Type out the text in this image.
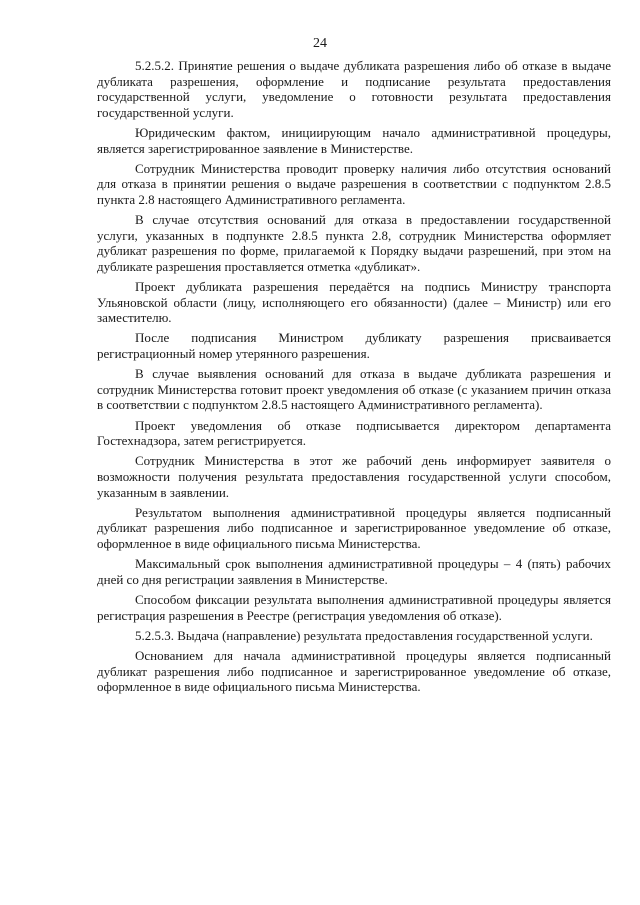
24

5.2.5.2. Принятие решения о выдаче дубликата разрешения либо об отказе в выдаче дубликата разрешения, оформление и подписание результата предоставления государственной услуги, уведомление о готовности результата предоставления государственной услуги.

Юридическим фактом, инициирующим начало административной процедуры, является зарегистрированное заявление в Министерстве.

Сотрудник Министерства проводит проверку наличия либо отсутствия оснований для отказа в принятии решения о выдаче разрешения в соответствии с подпунктом 2.8.5 пункта 2.8 настоящего Административного регламента.

В случае отсутствия оснований для отказа в предоставлении государственной услуги, указанных в подпункте 2.8.5 пункта 2.8, сотрудник Министерства оформляет дубликат разрешения по форме, прилагаемой к Порядку выдачи разрешений, при этом на дубликате разрешения проставляется отметка «дубликат».

Проект дубликата разрешения передаётся на подпись Министру транспорта Ульяновской области (лицу, исполняющего его обязанности) (далее – Министр) или его заместителю.

После подписания Министром дубликату разрешения присваивается регистрационный номер утерянного разрешения.

В случае выявления оснований для отказа в выдаче дубликата разрешения и сотрудник Министерства готовит проект уведомления об отказе (с указанием причин отказа в соответствии с подпунктом 2.8.5 настоящего Административного регламента).

Проект уведомления об отказе подписывается директором департамента Гостехнадзора, затем регистрируется.

Сотрудник Министерства в этот же рабочий день информирует заявителя о возможности получения результата предоставления государственной услуги способом, указанным в заявлении.

Результатом выполнения административной процедуры является подписанный дубликат разрешения либо подписанное и зарегистрированное уведомление об отказе, оформленное в виде официального письма Министерства.

Максимальный срок выполнения административной процедуры – 4 (пять) рабочих дней со дня регистрации заявления в Министерстве.

Способом фиксации результата выполнения административной процедуры является регистрация разрешения в Реестре (регистрация уведомления об отказе).

5.2.5.3. Выдача (направление) результата предоставления государственной услуги.

Основанием для начала административной процедуры является подписанный дубликат разрешения либо подписанное и зарегистрированное уведомление об отказе, оформленное в виде официального письма Министерства.
